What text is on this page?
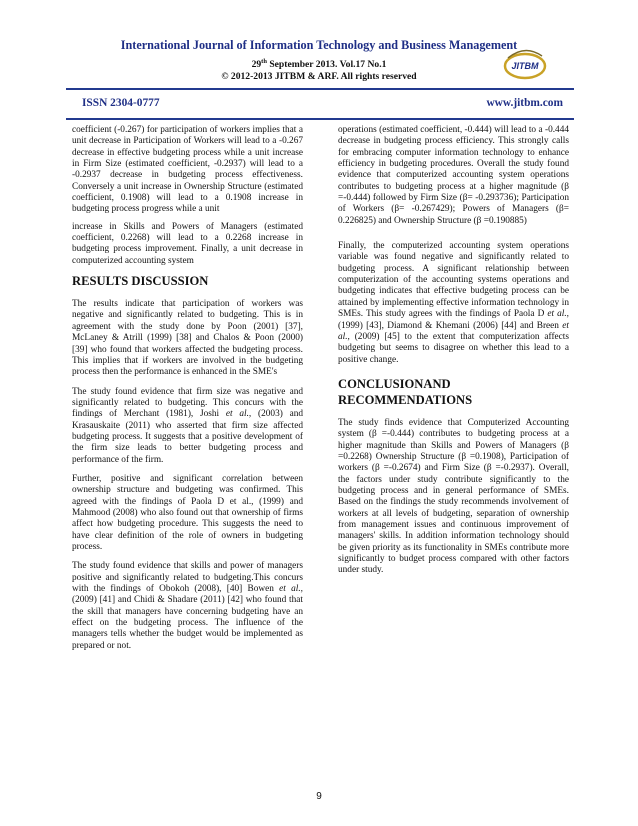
International Journal of Information Technology and Business Management
29th September 2013. Vol.17 No.1
© 2012-2013 JITBM & ARF. All rights reserved
JITBM
ISSN 2304-0777	www.jitbm.com

coefficient (-0.267) for participation of workers implies that a unit decrease in Participation of Workers will lead to a -0.267 decrease in effective budgeting process while a unit increase in Firm Size (estimated coefficient, -0.2937) will lead to a -0.2937 decrease in budgeting process effectiveness. Conversely a unit increase in Ownership Structure (estimated coefficient, 0.1908) will lead to a 0.1908 increase in budgeting process progress while a unit

increase in Skills and Powers of Managers (estimated coefficient, 0.2268) will lead to a 0.2268 increase in budgeting process improvement. Finally, a unit decrease in computerized accounting system

RESULTS DISCUSSION

The results indicate that participation of workers was negative and significantly related to budgeting. This is in agreement with the study done by Poon (2001) [37], McLaney & Atrill (1999) [38] and Chalos & Poon (2000) [39] who found that workers affected the budgeting process. This implies that if workers are involved in the budgeting process then the performance is enhanced in the SME's

The study found evidence that firm size was negative and significantly related to budgeting. This concurs with the findings of Merchant (1981), Joshi et al., (2003) and Krasauskaite (2011) who asserted that firm size affected budgeting process. It suggests that a positive development of the firm size leads to better budgeting process and performance of the firm.

Further, positive and significant correlation between ownership structure and budgeting was confirmed. This agreed with the findings of Paola D et al., (1999) and Mahmood (2008) who also found out that ownership of firms affect how budgeting procedure. This suggests the need to have clear definition of the role of owners in budgeting process.

The study found evidence that skills and power of managers positive and significantly related to budgeting.This concurs with the findings of Obokoh (2008), [40] Bowen et al., (2009) [41] and Chidi & Shadare (2011) [42] who found that the skill that managers have concerning budgeting have an effect on the budgeting process. The influence of the managers tells whether the budget would be implemented as prepared or not.

operations (estimated coefficient, -0.444) will lead to a -0.444 decrease in budgeting process efficiency. This strongly calls for embracing computer information technology to enhance efficiency in budgeting procedures. Overall the study found evidence that computerized accounting system operations contributes to budgeting process at a higher magnitude (β =-0.444) followed by Firm Size (β= -0.293736); Participation of Workers (β= -0.267429); Powers of Managers (β= 0.226825) and Ownership Structure (β =0.190885)

Finally, the computerized accounting system operations variable was found negative and significantly related to budgeting process. A significant relationship between computerization of the accounting systems operations and budgeting indicates that effective budgeting process can be attained by implementing effective information technology in SMEs. This study agrees with the findings of Paola D et al., (1999) [43], Diamond & Khemani (2006) [44] and Breen et al., (2009) [45] to the extent that computerization affects budgeting but seems to disagree on whether this lead to a positive change.

CONCLUSIONAND RECOMMENDATIONS

The study finds evidence that Computerized Accounting system (β =-0.444) contributes to budgeting process at a higher magnitude than Skills and Powers of Managers (β =0.2268) Ownership Structure (β =0.1908), Participation of workers (β =-0.2674) and Firm Size (β =-0.2937). Overall, the factors under study contribute significantly to the budgeting process and in general performance of SMEs. Based on the findings the study recommends involvement of workers at all levels of budgeting, separation of ownership from management issues and continuous improvement of managers' skills. In addition information technology should be given priority as its functionality in SMEs contribute more significantly to budget process compared with other factors under study.

9
